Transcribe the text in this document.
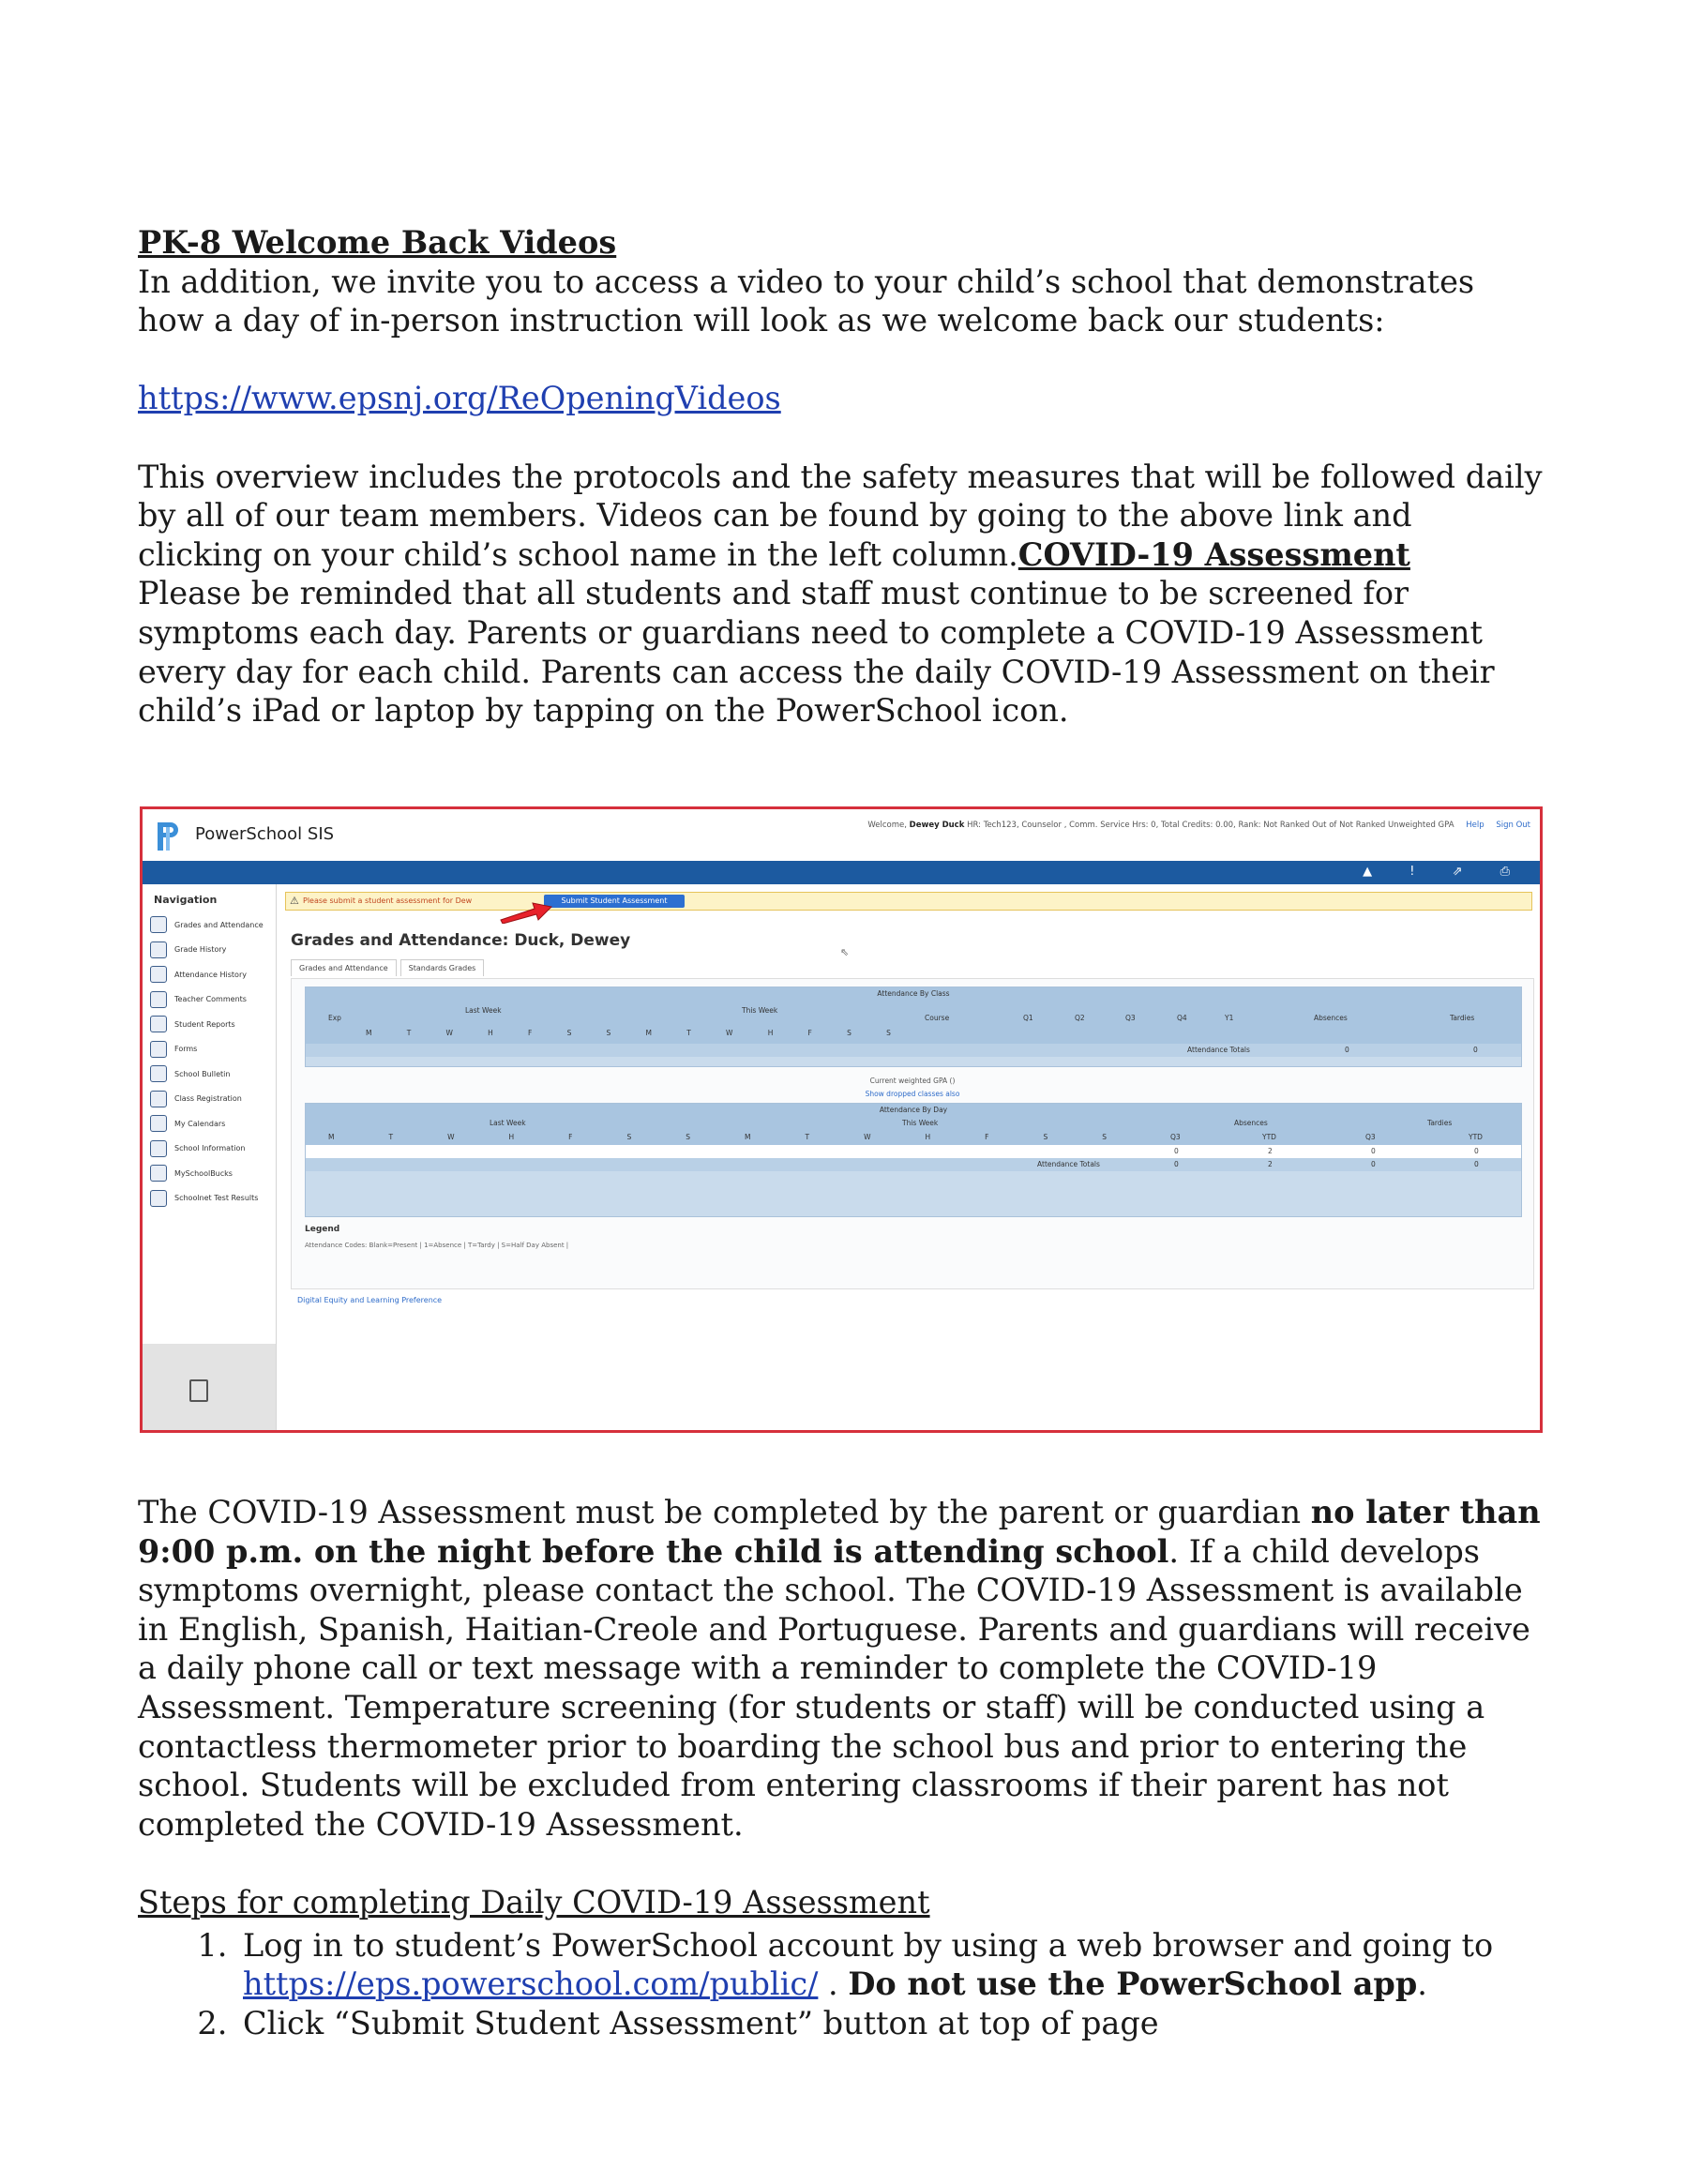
PK-8 Welcome Back Videos

In addition, we invite you to access a video to your child’s school that demonstrates

how a day of in-person instruction will look as we welcome back our students:

https://www.epsnj.org/ReOpeningVideos

This overview includes the protocols and the safety measures that will be followed daily

by all of our team members. Videos can be found by going to the above link and

clicking on your child’s school name in the left column.COVID-19 Assessment

Please be reminded that all students and staff must continue to be screened for

symptoms each day. Parents or guardians need to complete a COVID-19 Assessment

every day for each child. Parents can access the daily COVID-19 Assessment on their

child’s iPad or laptop by tapping on the PowerSchool icon.

PowerSchool SIS	Welcome, Dewey Duck HR: Tech123, Counselor , Comm. Service Hrs: 0, Total Credits: 0.00, Rank: Not Ranked Out of Not Ranked Unweighted GPA Help Sign Out
▲ ! ⇗ ⎙
Navigation
Grades and Attendance
Grade History
Attendance History
Teacher Comments
Student Reports
Forms
School Bulletin
Class Registration
My Calendars
School Information
MySchoolBucks
Schoolnet Test Results
⚠ Please submit a student assessment for Dew	Submit Student Assessment
Grades and Attendance: Duck, Dewey
⇖
Grades and Attendance	Standards Grades
Attendance By Class
Exp
Last Week	This Week
Course	Q1	Q2	Q3	Q4	Y1	Absences	Tardies
M	T	W	H	F	S	S	M	T	W	H	F	S	S
Attendance Totals	0	0
Current weighted GPA ()
Show dropped classes also
Attendance By Day
Last Week	This Week	Absences	Tardies
M	T	W	H	F	S	S	M	T	W	H	F	S	S	Q3	YTD	Q3	YTD
0	2	0	0
Attendance Totals	0	2	0	0
Legend
Attendance Codes: Blank=Present | 1=Absence | T=Tardy | S=Half Day Absent |
Digital Equity and Learning Preference

The COVID-19 Assessment must be completed by the parent or guardian no later than

9:00 p.m. on the night before the child is attending school. If a child develops

symptoms overnight, please contact the school. The COVID-19 Assessment is available

in English, Spanish, Haitian-Creole and Portuguese. Parents and guardians will receive

a daily phone call or text message with a reminder to complete the COVID-19

Assessment. Temperature screening (for students or staff) will be conducted using a

contactless thermometer prior to boarding the school bus and prior to entering the

school. Students will be excluded from entering classrooms if their parent has not

completed the COVID-19 Assessment.

Steps for completing Daily COVID-19 Assessment

1. Log in to student’s PowerSchool account by using a web browser and going to
https://eps.powerschool.com/public/ . Do not use the PowerSchool app.
2. Click “Submit Student Assessment” button at top of page
